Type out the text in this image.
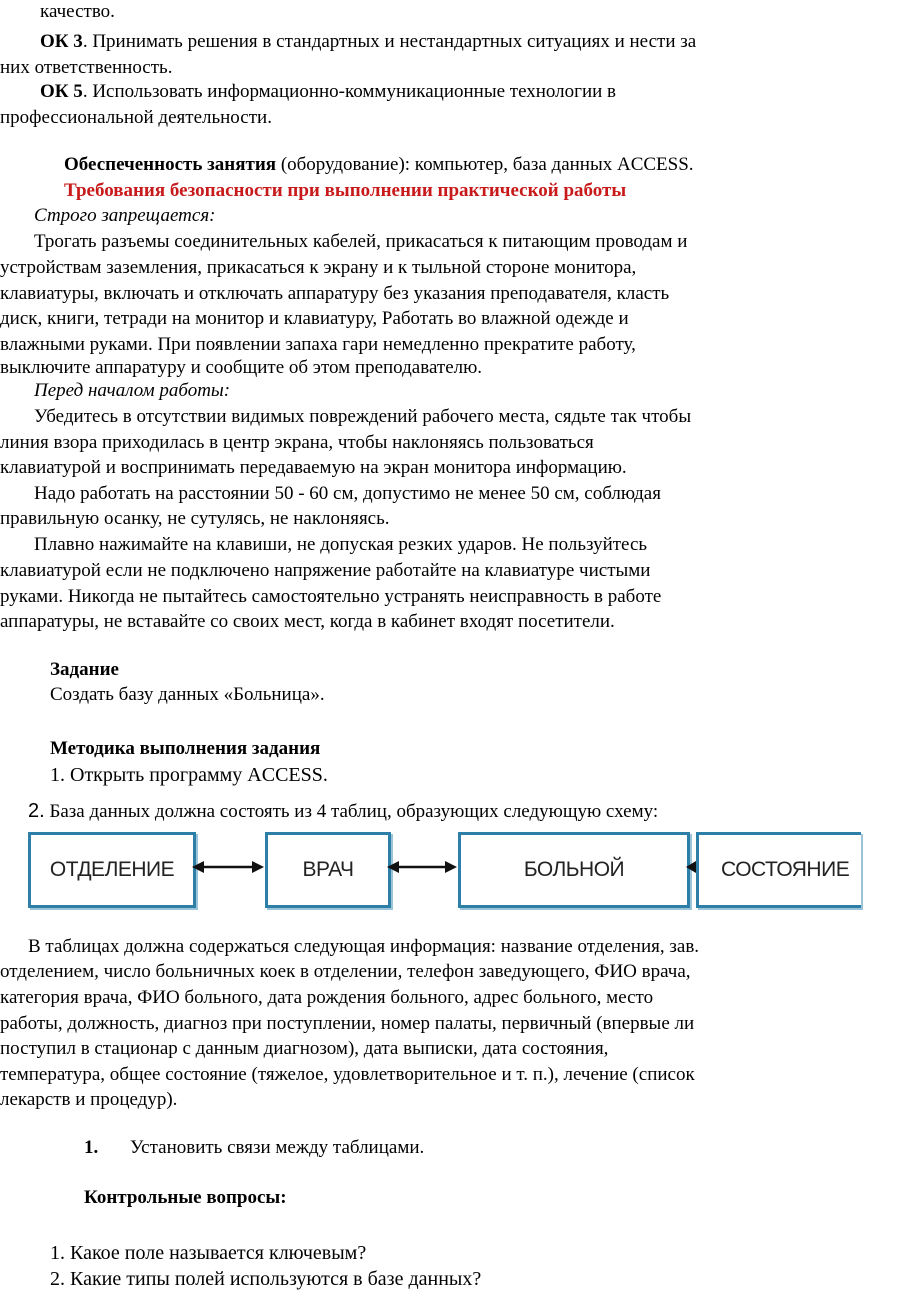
качество.
ОК 3. Принимать решения в стандартных и нестандартных ситуациях и нести за
них ответственность.
ОК 5. Использовать информационно-коммуникационные технологии в
профессиональной деятельности.
Обеспеченность занятия (оборудование): компьютер, база данных ACCESS.
Требования безопасности при выполнении практической работы
Строго запрещается:
Трогать разъемы соединительных кабелей, прикасаться к питающим проводам и
устройствам заземления, прикасаться к экрану и к тыльной стороне монитора,
клавиатуры, включать и отключать аппаратуру без указания преподавателя, класть
диск, книги, тетради на монитор и клавиатуру, Работать во влажной одежде и
влажными руками. При появлении запаха гари немедленно прекратите работу,
выключите аппаратуру и сообщите об этом преподавателю.
Перед началом работы:
Убедитесь в отсутствии видимых повреждений рабочего места, сядьте так чтобы
линия взора приходилась в центр экрана, чтобы наклоняясь пользоваться
клавиатурой и воспринимать передаваемую на экран монитора информацию.
Надо работать на расстоянии 50 - 60 см, допустимо не менее 50 см, соблюдая
правильную осанку, не сутулясь, не наклоняясь.
Плавно нажимайте на клавиши, не допуская резких ударов. Не пользуйтесь
клавиатурой если не подключено напряжение работайте на клавиатуре чистыми
руками. Никогда не пытайтесь самостоятельно устранять неисправность в работе
аппаратуры, не вставайте со своих мест, когда в кабинет входят посетители.
Задание
Создать базу данных «Больница».
Методика выполнения задания
1. Открыть программу ACCESS.
2. База данных должна состоять из 4 таблиц, образующих следующую схему:
ОТДЕЛЕНИЕ	ВРАЧ	БОЛЬНОЙ	СОСТОЯНИЕ
В таблицах должна содержаться следующая информация: название отделения, зав.
отделением, число больничных коек в отделении, телефон заведующего, ФИО врача,
категория врача, ФИО больного, дата рождения больного, адрес больного, место
работы, должность, диагноз при поступлении, номер палаты, первичный (впервые ли
поступил в стационар с данным диагнозом), дата выписки, дата состояния,
температура, общее состояние (тяжелое, удовлетворительное и т. п.), лечение (список
лекарств и процедур).
1. Установить связи между таблицами.
Контрольные вопросы:
1. Какое поле называется ключевым?
2. Какие типы полей используются в базе данных?
